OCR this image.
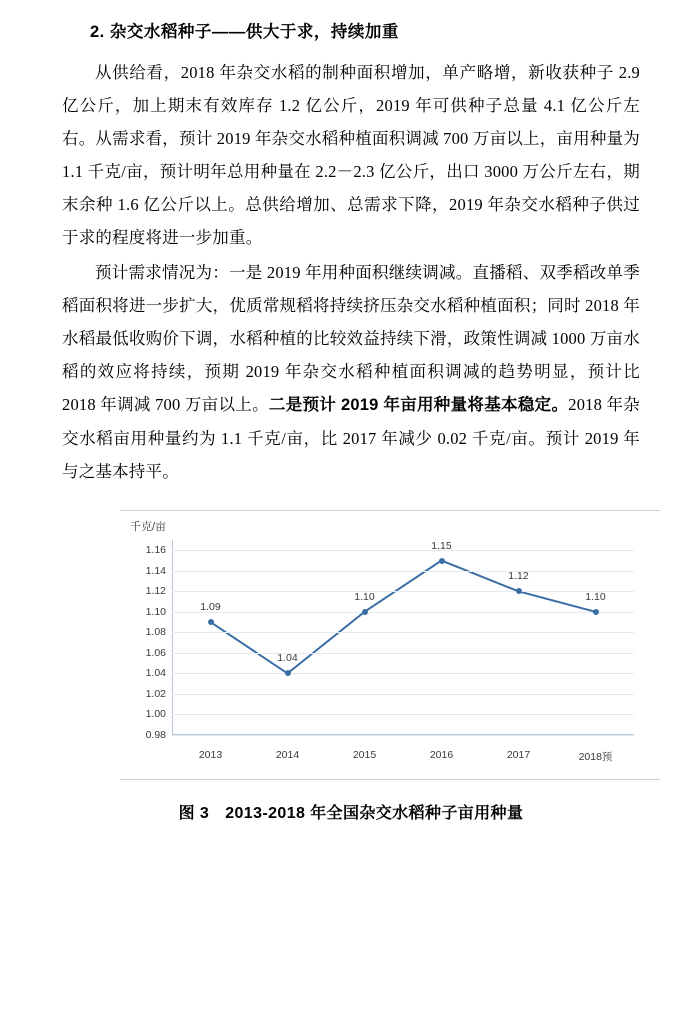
2. 杂交水稻种子——供大于求，持续加重

从供给看，2018 年杂交水稻的制种面积增加，单产略增，新收获种子 2.9 亿公斤，加上期末有效库存 1.2 亿公斤，2019 年可供种子总量 4.1 亿公斤左右。从需求看，预计 2019 年杂交水稻种植面积调减 700 万亩以上，亩用种量为 1.1 千克/亩，预计明年总用种量在 2.2－2.3 亿公斤，出口 3000 万公斤左右，期末余种 1.6 亿公斤以上。总供给增加、总需求下降，2019 年杂交水稻种子供过于求的程度将进一步加重。

预计需求情况为：一是 2019 年用种面积继续调减。直播稻、双季稻改单季稻面积将进一步扩大，优质常规稻将持续挤压杂交水稻种植面积；同时 2018 年水稻最低收购价下调，水稻种植的比较效益持续下滑，政策性调减 1000 万亩水稻的效应将持续，预期 2019 年杂交水稻种植面积调减的趋势明显，预计比 2018 年调减 700 万亩以上。二是预计 2019 年亩用种量将基本稳定。2018 年杂交水稻亩用种量约为 1.1 千克/亩，比 2017 年减少 0.02 千克/亩。预计 2019 年与之基本持平。

千克/亩
0.98
1.00
1.02
1.04
1.06
1.08
1.10
1.12
1.14
1.16
2013	2014	2015	2016	2017	2018预
1.09
1.04
1.10
1.15
1.12
1.10
图 3 2013-2018 年全国杂交水稻种子亩用种量
